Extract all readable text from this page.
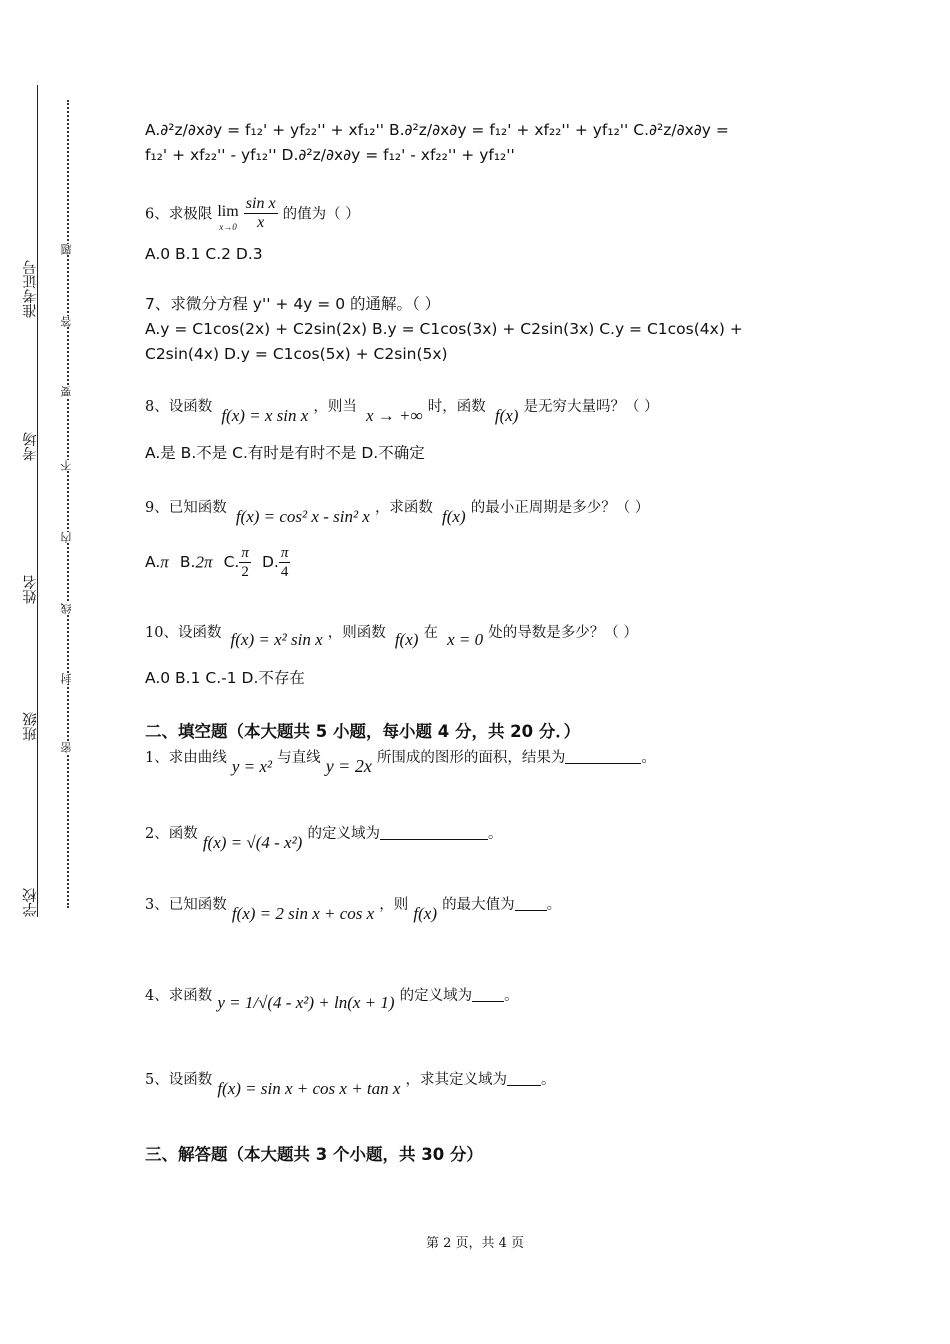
学校
班级
姓名
考场
准考证号
密
封
线
内
不
要
答
题
A.∂²z/∂x∂y = f₁₂' + yf₂₂'' + xf₁₂'' B.∂²z/∂x∂y = f₁₂' + xf₂₂'' + yf₁₂'' C.∂²z/∂x∂y =
f₁₂' + xf₂₂'' - yf₁₂'' D.∂²z/∂x∂y = f₁₂' - xf₂₂'' + yf₁₂''
6、求极限 lim
x→0
$\frac{\text{sin x}}{x}$ 的值为（ ）
A.0 B.1 C.2 D.3
7、求微分方程 y'' + 4y = 0 的通解。（ ）
A.y = C1cos(2x) + C2sin(2x) B.y = C1cos(3x) + C2sin(3x) C.y = C1cos(4x) +
C2sin(4x) D.y = C1cos(5x) + C2sin(5x)
8、设函数 f(x) = x sin x ，则当 x → +∞ 时，函数 f(x) 是无穷大量吗？（ ）
A.是 B.不是 C.有时是有时不是 D.不确定
9、已知函数 f(x) = cos² x - sin² x ，求函数 f(x) 的最小正周期是多少？（ ）
A.π B.2π C. $\frac{\pi}{2} D$. $\frac{\pi}{4}$
10、设函数 f(x) = x² sin x ，则函数 f(x) 在 x = 0 处的导数是多少？（ ）
A.0 B.1 C.-1 D.不存在
二、填空题（本大题共 5 小题，每小题 4 分，共 20 分．）
1、求由曲线 y = x² 与直线 y = 2x 所围成的图形的面积，结果为	。
2、函数 f(x) = √(4 - x²) 的定义域为	。
3、已知函数 f(x) = 2 sin x + cos x ，则 f(x) 的最大值为 。
4、求函数 y = 1/√(4 - x²) + ln(x + 1) 的定义域为 。
5、设函数 f(x) = sin x + cos x + tan x ，求其定义域为 。
三、解答题（本大题共 3 个小题，共 30 分）
第 2 页，共 4 页
